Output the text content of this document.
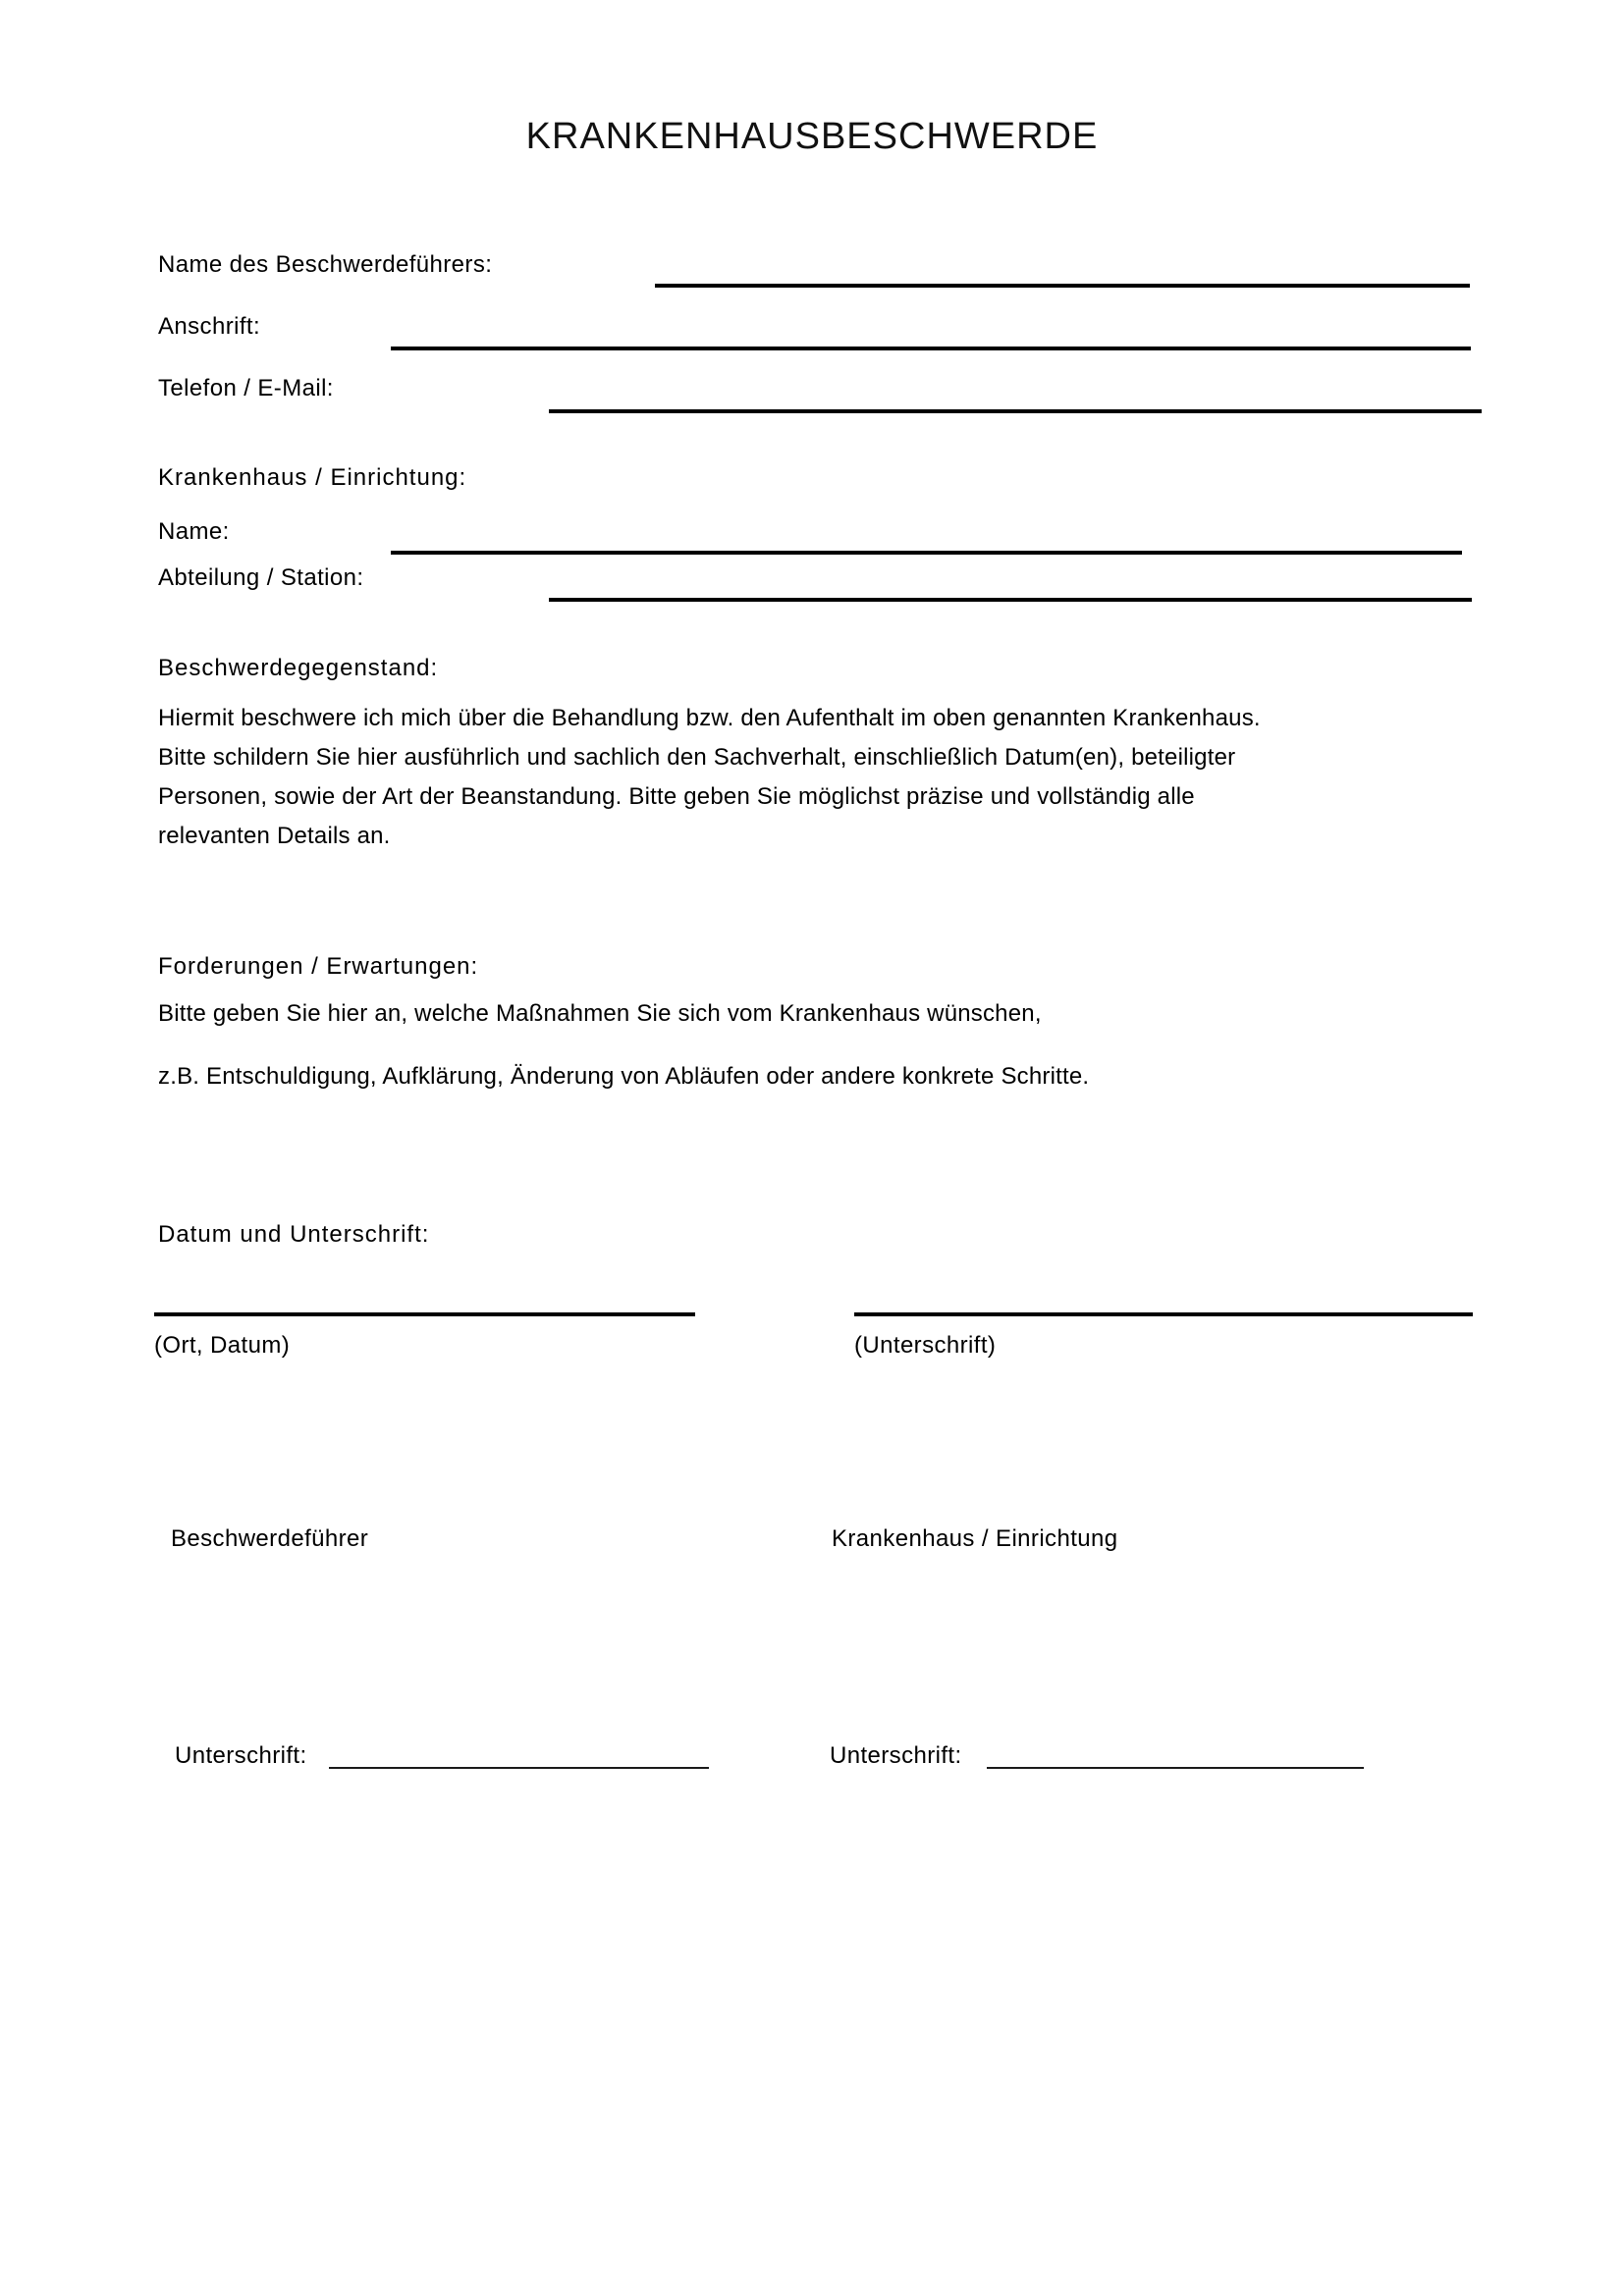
KRANKENHAUSBESCHWERDE
Name des Beschwerdeführers:
Anschrift:
Telefon / E-Mail:
Krankenhaus / Einrichtung:
Name:
Abteilung / Station:
Beschwerdegegenstand:
Hiermit beschwere ich mich über die Behandlung bzw. den Aufenthalt im oben genannten Krankenhaus.
Bitte schildern Sie hier ausführlich und sachlich den Sachverhalt, einschließlich Datum(en), beteiligter
Personen, sowie der Art der Beanstandung. Bitte geben Sie möglichst präzise und vollständig alle
relevanten Details an.
Forderungen / Erwartungen:
Bitte geben Sie hier an, welche Maßnahmen Sie sich vom Krankenhaus wünschen,
z.B. Entschuldigung, Aufklärung, Änderung von Abläufen oder andere konkrete Schritte.
Datum und Unterschrift:
(Ort, Datum)	(Unterschrift)
Beschwerdeführer	Krankenhaus / Einrichtung
Unterschrift:	Unterschrift:
